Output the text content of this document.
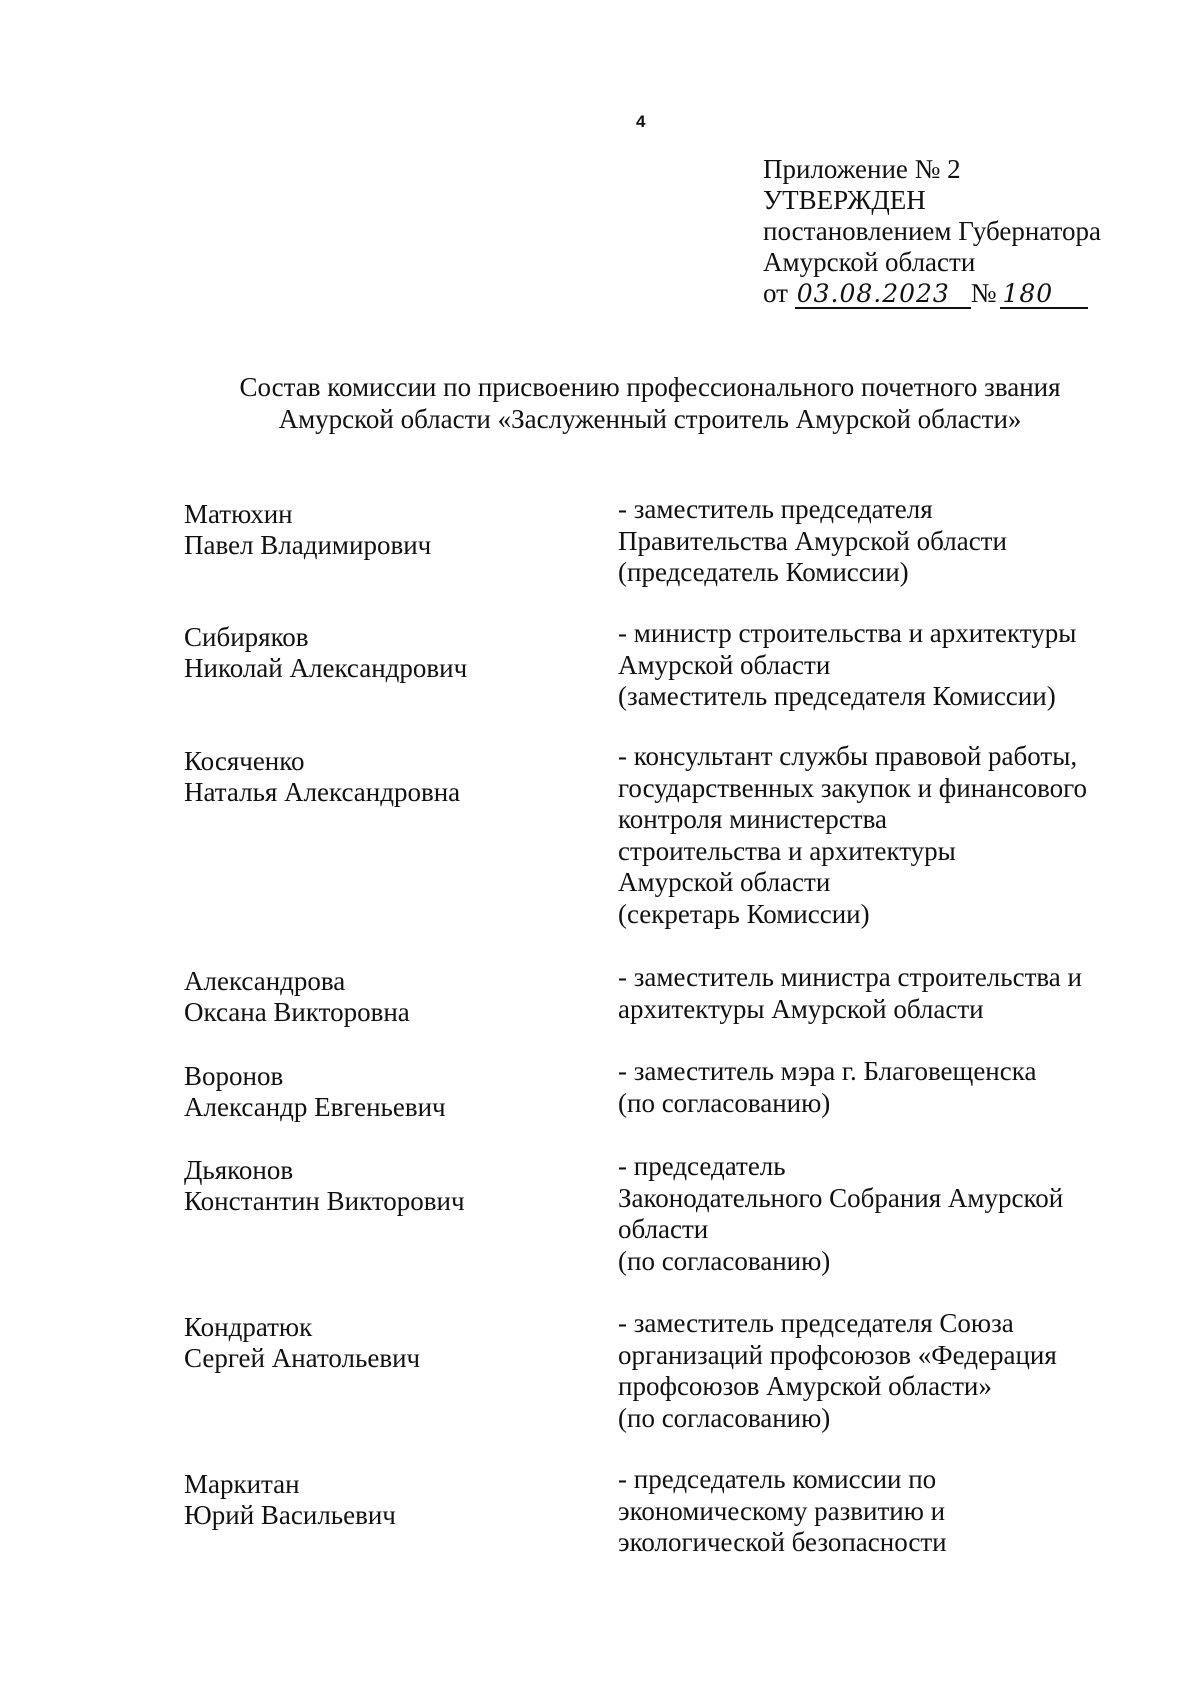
4
Приложение № 2
УТВЕРЖДЕН
постановлением Губернатора
Амурской области
от 03.08.2023 № 180
Состав комиссии по присвоению профессионального почетного звания
Амурской области «Заслуженный строитель Амурской области»
Матюхин
Павел Владимирович
- заместитель председателя
Правительства Амурской области
(председатель Комиссии)
Сибиряков
Николай Александрович
- министр строительства и архитектуры
Амурской области
(заместитель председателя Комиссии)
Косяченко
Наталья Александровна
- консультант службы правовой работы,
государственных закупок и финансового
контроля министерства
строительства и архитектуры
Амурской области
(секретарь Комиссии)
Александрова
Оксана Викторовна
- заместитель министра строительства и
архитектуры Амурской области
Воронов
Александр Евгеньевич
- заместитель мэра г. Благовещенска
(по согласованию)
Дьяконов
Константин Викторович
- председатель
Законодательного Собрания Амурской
области
(по согласованию)
Кондратюк
Сергей Анатольевич
- заместитель председателя Союза
организаций профсоюзов «Федерация
профсоюзов Амурской области»
(по согласованию)
Маркитан
Юрий Васильевич
- председатель комиссии по
экономическому развитию и
экологической безопасности
